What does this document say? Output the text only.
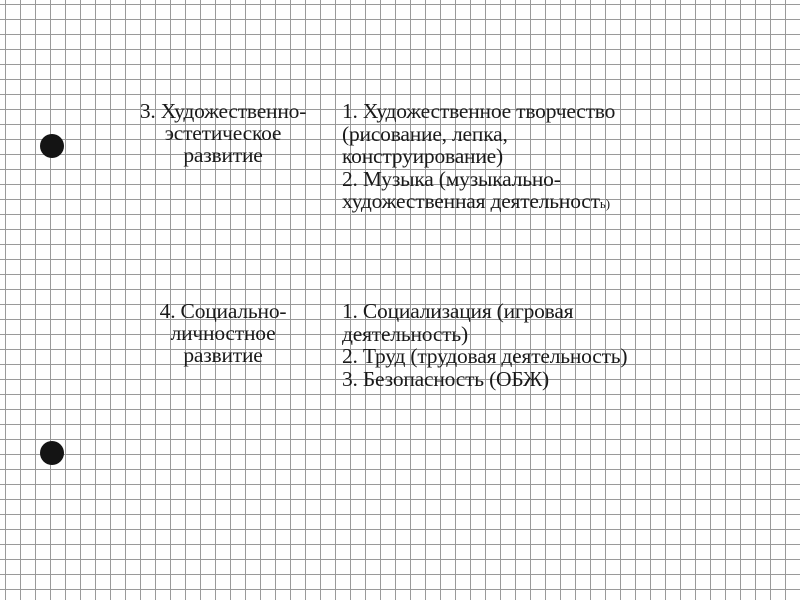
3. Художественно-
эстетическое
развитие
1. Художественное творчество
(рисование, лепка,
конструирование)
2. Музыка (музыкально-
художественная деятельность)
4. Социально-
личностное
развитие
1. Социализация (игровая
деятельность)
2. Труд (трудовая деятельность)
3. Безопасность (ОБЖ)
